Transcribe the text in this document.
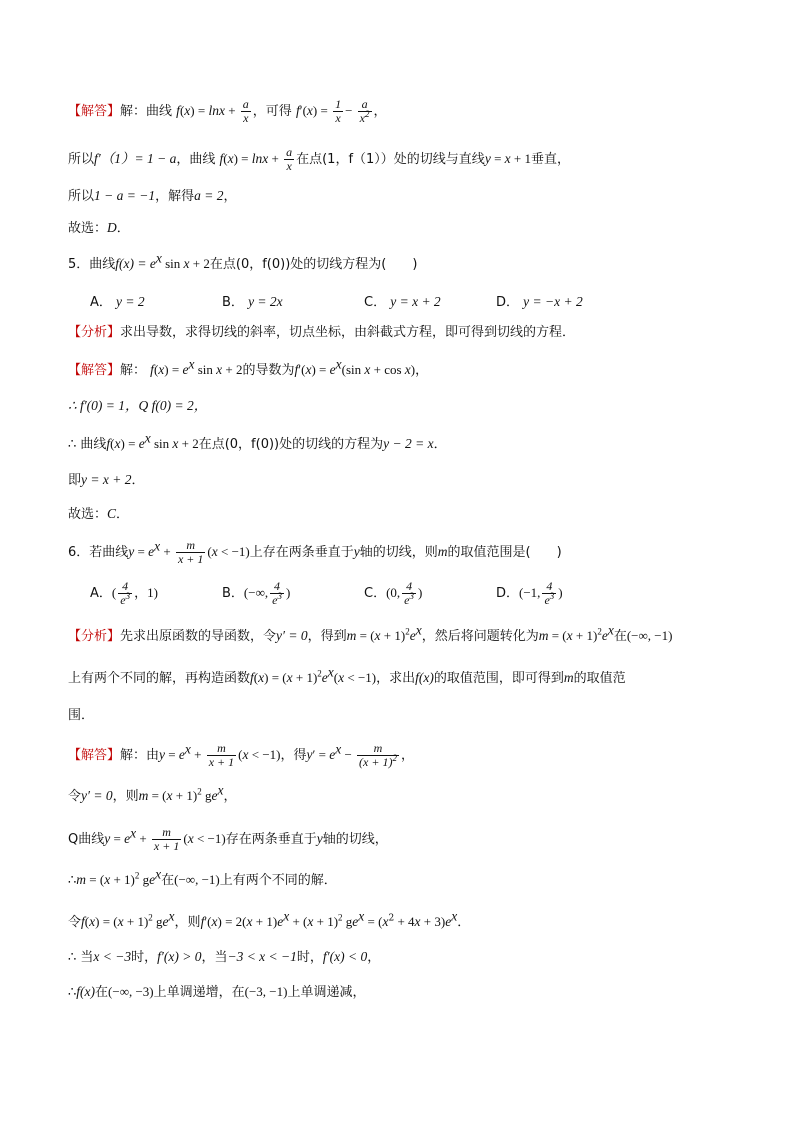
【解答】解：曲线 $f(x) = \ln x + \frac{a}{x}$ ，可得 $f'(x) = \frac{1}{x} - \frac{a}{x^2}$ ，
所以f′（1）= 1 − a，曲线 $f(x) = \ln x + \frac{a}{x}$ 在点(1，f（1））处的切线与直线y = x + 1垂直，
所以1 − a = −1，解得a = 2，
故选：D．
5．曲线$f(x) = e^x$ sin x + 2在点(0，f(0))处的切线方程为(　　)
A． y = 2	B． y = 2x	C． y = x + 2	D． y = −x + 2
【分析】求出导数，求得切线的斜率，切点坐标，由斜截式方程，即可得到切线的方程．
【解答】解： $f(x) = e^x$ sin x + 2的导数为$f'(x) = e^x(\sin$ x + cos x)，
∴ f′(0) = 1，Q f(0) = 2，
∴ 曲线$f(x) = e^x$ sin x + 2在点(0，f(0))处的切线的方程为y − 2 = x．
即y = x + 2．
故选：C．
6．若曲线$y = e^x + \frac{m}{x + 1} (x < -1)$上存在两条垂直于y轴的切线，则m的取值范围是(　　)
A．( $\frac{4}{e^3}$ ，1)	B．(−∞, $\frac{4}{e^3}$ )	C．(0, $\frac{4}{e^3}$ )	D．(−1, $\frac{4}{e^3}$ )
【分析】先求出原函数的导函数，令y′ = 0，得到$m = (x + 1)^2e^x$，然后将问题转化为$m = (x + 1)^2e^x$在(−∞, −1)
上有两个不同的解，再构造函数$f(x) = (x + 1)^2e^x(x < -1)$，求出f(x)的取值范围，即可得到m的取值范
围．
【解答】解：由$y = e^x + \frac{m}{x + 1} (x < -1)$，得$y' = e^x - \frac{m}{(x + 1)^2}$ ，
令y′ = 0，则$m = (x + 1)^2$ $ge^x$，
Q曲线$y = e^x + \frac{m}{x + 1} (x < -1)$存在两条垂直于y轴的切线，
∴m = $(x + 1)^2$ $ge^x$在(−∞, −1)上有两个不同的解．
令$f(x) = (x + 1)^2$ $ge^x$，则$f'(x) = 2(x + 1)e^x + (x + 1)^2$ $ge^x = (x^2 + 4x + 3)e^x$．
∴ 当x < −3时，f′(x) > 0，当−3 < x < −1时，f′(x) < 0，
∴f(x)在(−∞, −3)上单调递增，在(−3, −1)上单调递减，
